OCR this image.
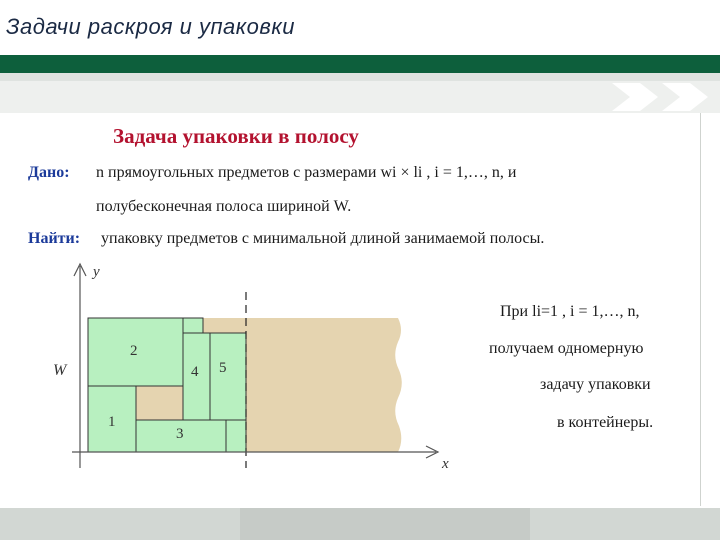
Задачи раскроя и упаковки
Задача упаковки в полосу
Дано: n прямоугольных предметов с размерами wi × li , i = 1,…, n, и
полубесконечная полоса шириной W.
Найти: упаковку предметов с минимальной длиной занимаемой полосы.
y
x
W
1
2
3
4 5
При li=1 , i = 1,…, n,
получаем одномерную
задачу упаковки
в контейнеры.
